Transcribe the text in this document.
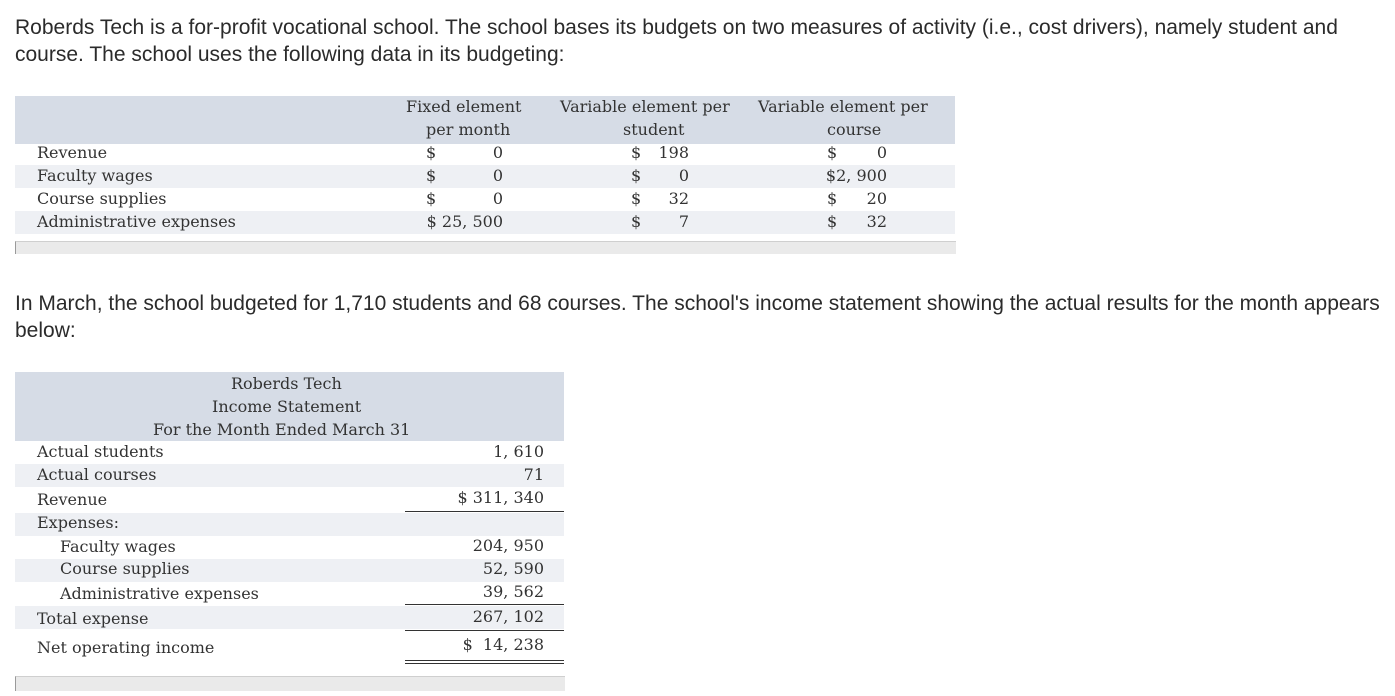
Roberds Tech is a for-profit vocational school. The school bases its budgets on two measures of activity (i.e., cost drivers), namely student and course. The school uses the following data in its budgeting:
Fixed element
per month
Variable element per
student
Variable element per
course
Revenue	$	0	$	198	$	0
Faculty wages	$	0	$	0	$2, 900
Course supplies	$	0	$	32	$	20
Administrative expenses	$ 25, 500	$	7	$	32
In March, the school budgeted for 1,710 students and 68 courses. The school's income statement showing the actual results for the month appears below:
Roberds Tech
Income Statement
For the Month Ended March 31
Actual students	1, 610
Actual courses	71
Revenue	$ 311, 340
Expenses:
Faculty wages	204, 950
Course supplies	52, 590
Administrative expenses	39, 562
Total expense	267, 102
Net operating income	$  14, 238
